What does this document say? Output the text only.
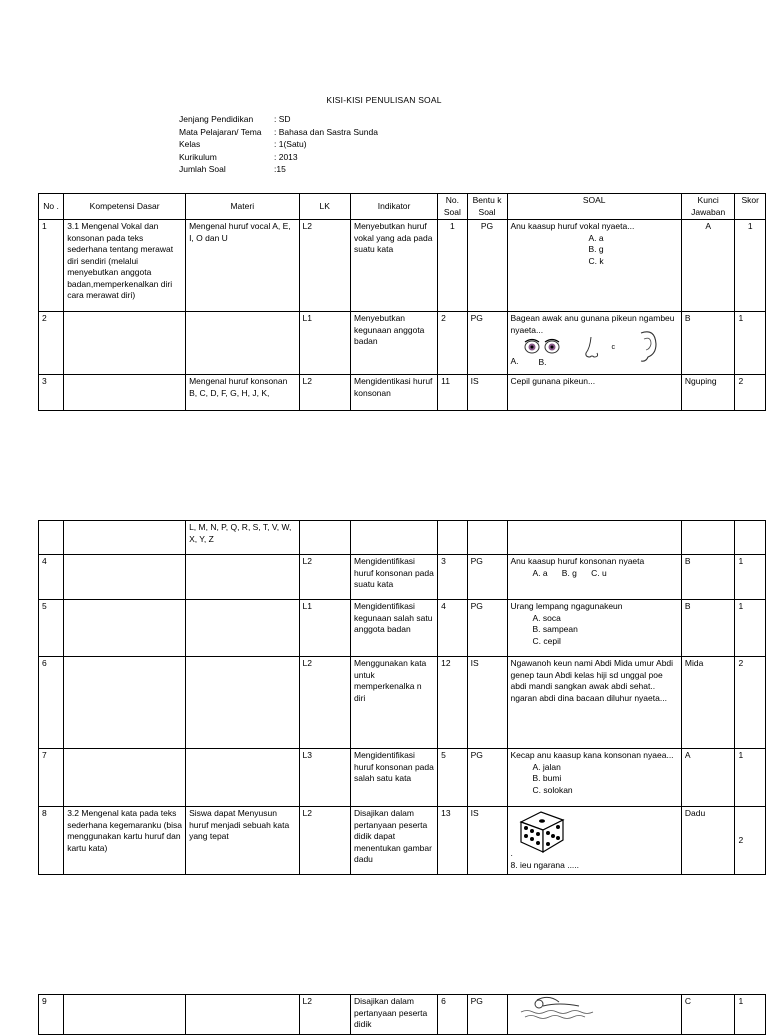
KISI-KISI PENULISAN SOAL
Jenjang Pendidikan	: SD
Mata Pelajaran/ Tema	: Bahasa dan Sastra Sunda
Kelas	: 1(Satu)
Kurikulum	: 2013
Jumlah Soal	:15
No .	Kompetensi Dasar	Materi	LK	Indikator	No. Soal	Bentu k Soal	SOAL	Kunci Jawaban	Skor
1	3.1 Mengenal Vokal dan konsonan pada teks sederhana tentang merawat diri sendiri (melalui menyebutkan anggota badan,memperkenalkan diri cara merawat diri)	Mengenal huruf vocal A, E, I, O dan U	L2	Menyebutkan huruf vokal yang ada pada suatu kata	1	PG	Anu kaasup huruf vokal nyaeta...
A. a
B. g
C. k	A	1
2			L1	Menyebutkan kegunaan anggota badan	2	PG	Bagean awak anu gunana pikeun ngambeu nyaeta...
A. B.
c	B	1
3		Mengenal huruf konsonan B, C, D, F, G, H, J, K,	L2	Mengidentikasi huruf konsonan	11	IS	Cepil gunana pikeun...	Nguping	2
		L, M, N, P, Q, R, S, T, V, W, X, Y, Z							
4			L2	Mengidentifikasi huruf konsonan pada suatu kata	3	PG	Anu kaasup huruf konsonan nyaeta
A. a      B. g      C. u	B	1
5			L1	Mengidentifikasi kegunaan salah satu anggota badan	4	PG	Urang lempang ngagunakeun
A. soca
B. sampean
C. cepil	B	1
6			L2	Menggunakan kata untuk memperkenalka n diri	12	IS	Ngawanoh keun nami Abdi Mida umur Abdi genep taun Abdi kelas hiji sd unggal poe abdi mandi sangkan awak abdi sehat.. ngaran abdi dina bacaan diluhur nyaeta...	Mida	2
7			L3	Mengidentifikasi huruf konsonan pada salah satu kata	5	PG	Kecap anu kaasup kana konsonan nyaea...
A. jalan
B. bumi
C. solokan	A	1
8	3.2 Mengenal kata pada teks sederhana kegemaranku (bisa menggunakan kartu huruf dan kartu kata)	Siswa dapat Menyusun huruf menjadi sebuah kata yang tepat	L2	Disajikan dalam pertanyaan peserta didik dapat menentukan gambar dadu	13	IS	.
8. ieu ngarana .....	Dadu	2
9			L2	Disajikan dalam pertanyaan peserta didik	6	PG		C	1
